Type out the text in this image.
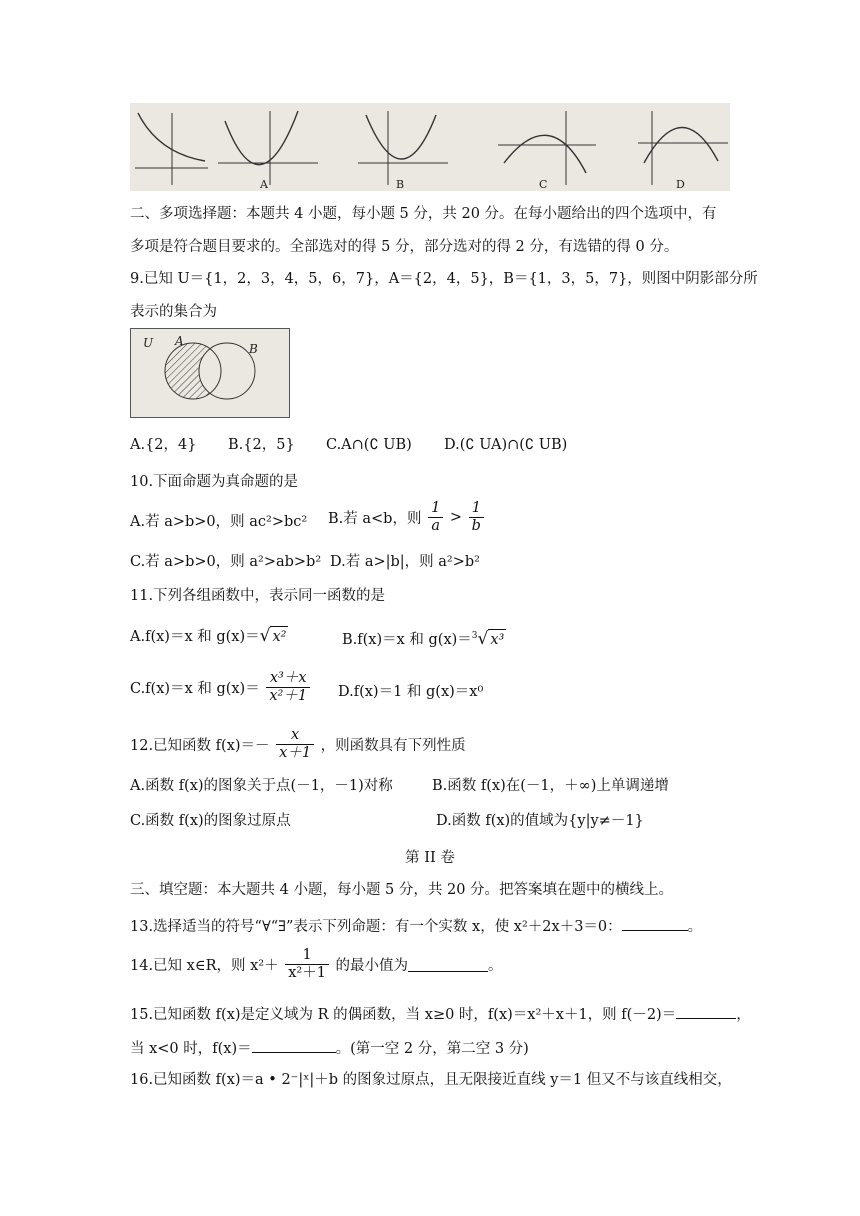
A	B	C	D
二、多项选择题：本题共 4 小题，每小题 5 分，共 20 分。在每小题给出的四个选项中，有
多项是符合题目要求的。全部选对的得 5 分，部分选对的得 2 分，有选错的得 0 分。
9.已知 U＝{1，2，3，4，5，6，7}，A＝{2，4，5}，B＝{1，3，5，7}，则图中阴影部分所
表示的集合为
U A
B
A.{2，4} B.{2，5} C.A∩(∁ UB) D.(∁ UA)∩(∁ UB)
10.下面命题为真命题的是
A.若 a>b>0，则 ac²>bc² B.若 a<b，则 $\frac{1}{a} > \frac{1}{b}$
C.若 a>b>0，则 a²>ab>b² D.若 a>|b|，则 a²>b²
11.下列各组函数中，表示同一函数的是
A.f(x)＝x 和 g(x)＝√ x²	B.f(x)＝x 和 g(x)＝$^3$√ x³
C.f(x)＝x 和 $g(x)= \frac{\text{x³＋x}}{\text{x²＋1}} D.f(x)=1$ 和 g(x)＝x⁰
12.已知函数 $f(x)=- \frac{x}{x+1}$ ，则函数具有下列性质
A.函数 f(x)的图象关于点(－1，－1)对称	B.函数 f(x)在(－1，＋∞)上单调递增
C.函数 f(x)的图象过原点	D.函数 f(x)的值域为{y|y≠－1}
第 II 卷
三、填空题：本大题共 4 小题，每小题 5 分，共 20 分。把答案填在题中的横线上。
13.选择适当的符号“∀“∃”表示下列命题：有一个实数 x，使 x²＋2x＋3＝0：	。
14.已知 x∈R，则 $x^2+ \frac{1}{\text{x²＋1}}$ 的最小值为	。
15.已知函数 f(x)是定义域为 R 的偶函数，当 x≥0 时，f(x)＝x²＋x＋1，则 f(－2)＝	，
当 x<0 时，f(x)＝	。(第一空 2 分，第二空 3 分)
16.已知函数 f(x)＝a • 2⁻|ˣ|＋b 的图象过原点，且无限接近直线 y＝1 但又不与该直线相交，
